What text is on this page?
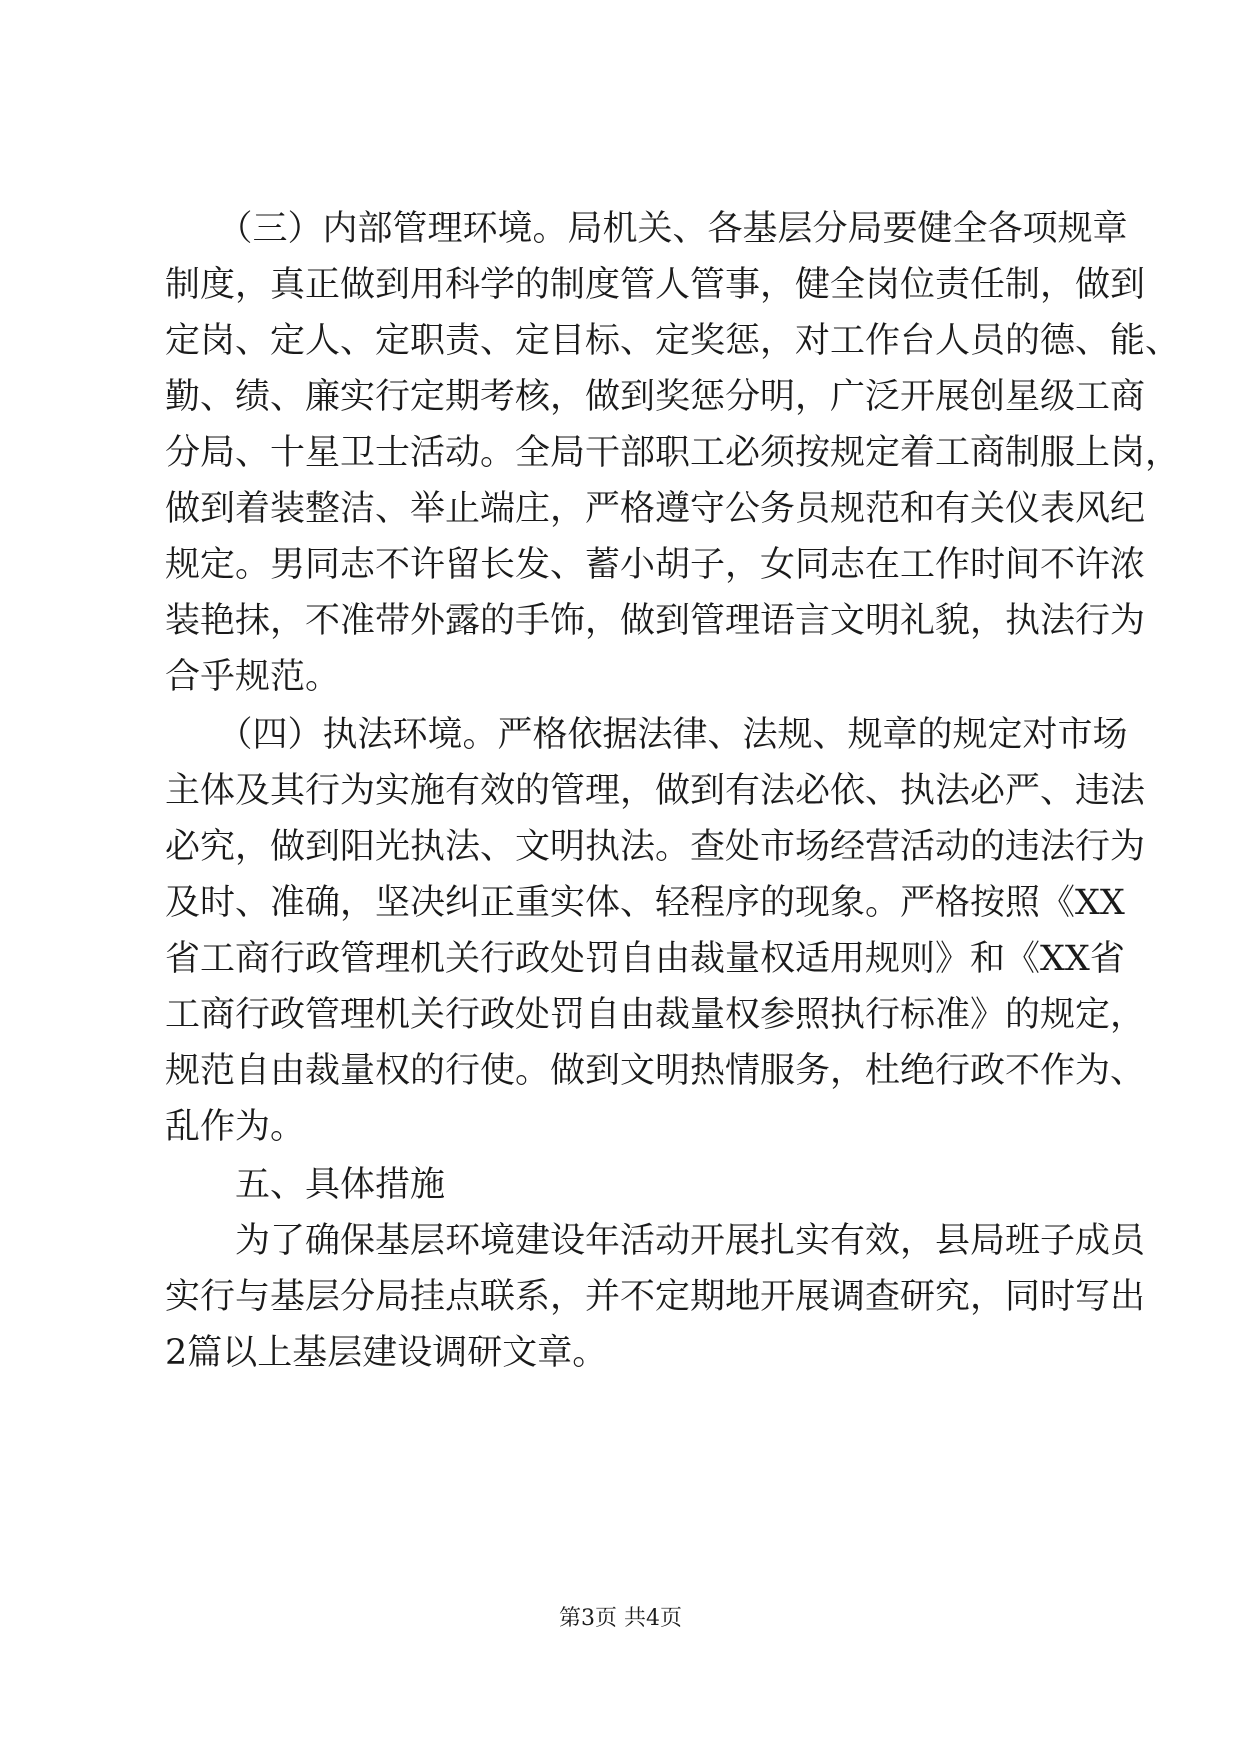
　　（三）内部管理环境。局机关、各基层分局要健全各项规章
制度，真正做到用科学的制度管人管事，健全岗位责任制，做到
定岗、定人、定职责、定目标、定奖惩，对工作台人员的德、能、
勤、绩、廉实行定期考核，做到奖惩分明，广泛开展创星级工商
分局、十星卫士活动。全局干部职工必须按规定着工商制服上岗，
做到着装整洁、举止端庄，严格遵守公务员规范和有关仪表风纪
规定。男同志不许留长发、蓄小胡子，女同志在工作时间不许浓
装艳抹，不准带外露的手饰，做到管理语言文明礼貌，执法行为
合乎规范。
　　（四）执法环境。严格依据法律、法规、规章的规定对市场
主体及其行为实施有效的管理，做到有法必依、执法必严、违法
必究，做到阳光执法、文明执法。查处市场经营活动的违法行为
及时、准确，坚决纠正重实体、轻程序的现象。严格按照《XX
省工商行政管理机关行政处罚自由裁量权适用规则》和《XX省
工商行政管理机关行政处罚自由裁量权参照执行标准》的规定，
规范自由裁量权的行使。做到文明热情服务，杜绝行政不作为、
乱作为。
　　五、具体措施
　　为了确保基层环境建设年活动开展扎实有效，县局班子成员
实行与基层分局挂点联系，并不定期地开展调查研究，同时写出
2篇以上基层建设调研文章。
第3页 共4页
